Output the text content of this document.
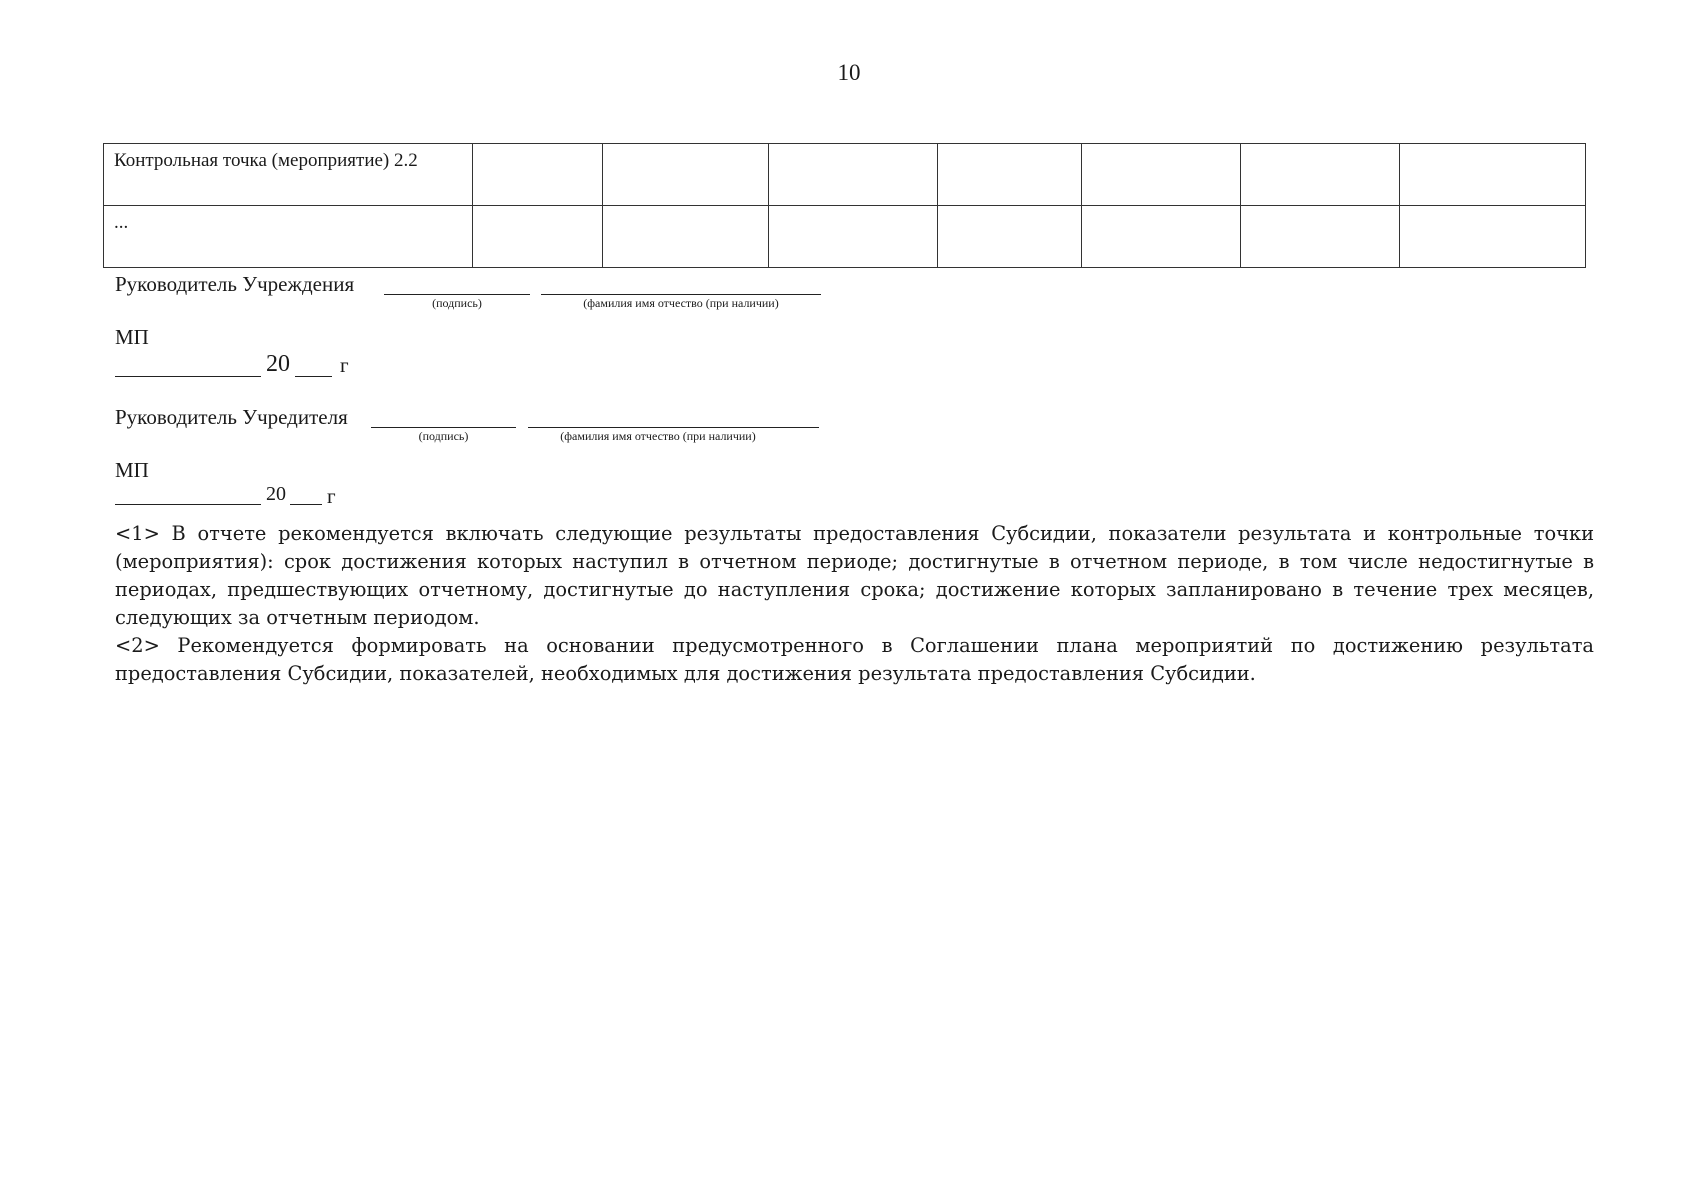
10
Контрольная точка (мероприятие) 2.2							
...							
Руководитель Учреждения
(подпись)	(фамилия имя отчество (при наличии)
МП
20 г
Руководитель Учредителя
(подпись)	(фамилия имя отчество (при наличии)
МП
20 г

<1> В отчете рекомендуется включать следующие результаты предоставления Субсидии, показатели результата и контрольные точки (мероприятия): срок достижения которых наступил в отчетном периоде; достигнутые в отчетном периоде, в том числе недостигнутые в периодах, предшествующих отчетному, достигнутые до наступления срока; достижение которых запланировано в течение трех месяцев, следующих за отчетным периодом.

<2> Рекомендуется формировать на основании предусмотренного в Соглашении плана мероприятий по достижению результата предоставления Субсидии, показателей, необходимых для достижения результата предоставления Субсидии.
